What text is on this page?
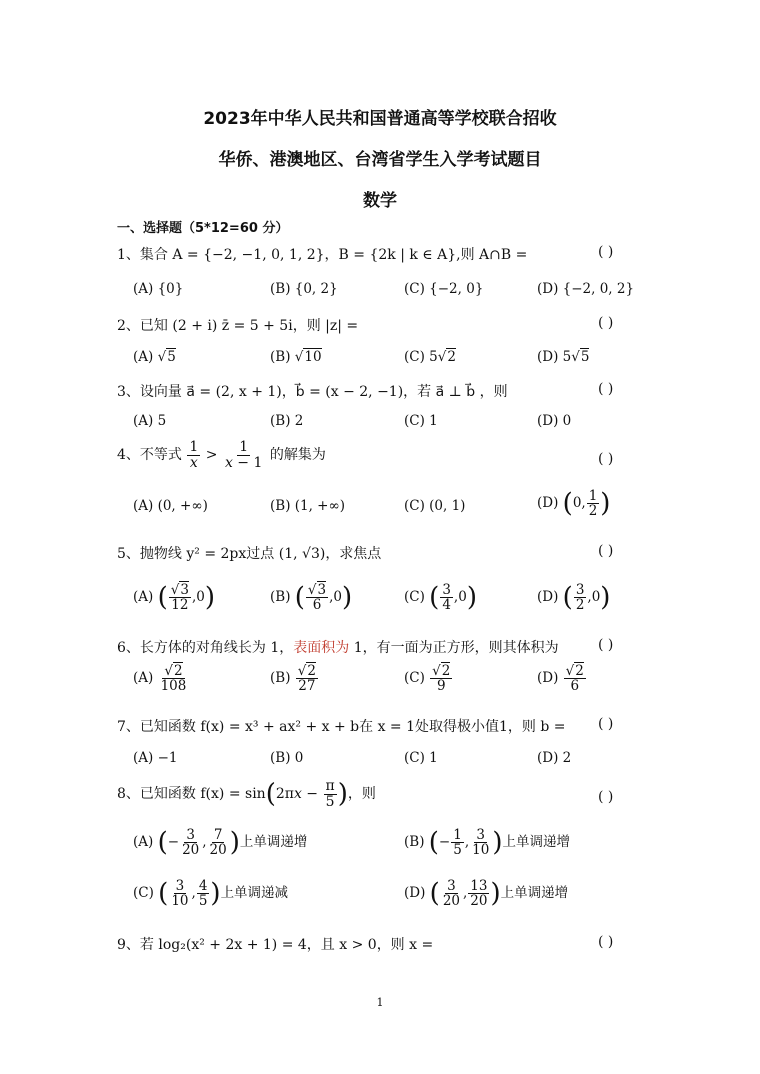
2023年中华人民共和国普通高等学校联合招收
华侨、港澳地区、台湾省学生入学考试题目
数学
一、选择题（5*12=60 分）
1、集合 A = {−2, −1, 0, 1, 2}，B = {2k | k ∈ A},则 A∩B =	( )
(A) {0}	(B) {0, 2}	(C) {−2, 0}	(D) {−2, 0, 2}
2、已知 (2 + i) z̄ = 5 + 5i，则 |z| =	( )
(A) √5	(B) √10	(C) 5√2	(D) 5√5
3、设向量 a⃗ = (2, x + 1)，b⃗ = (x − 2, −1)，若 a⃗ ⊥ b⃗ ，则	( )
(A) 5	(B) 2	(C) 1	(D) 0
4、不等式 $\frac{1}{x} > \frac{1}{x - 1}$ 的解集为	( )
(A) (0, +∞)	(B) (1, +∞)	(C) (0, 1)	(D) (0, $\frac{1}{2}$ )
5、抛物线 y² = 2px过点 (1, √3)，求焦点	( )
(A) ( $\frac{√3}{12} ,0$)	(B) ( $\frac{√3}{6} ,0$)	(C) ( $\frac{3}{4} ,0$)	(D) ( $\frac{3}{2} ,0$)
6、长方体的对角线长为 1，表面积为 1，有一面为正方形，则其体积为	( )
$(A) \frac{√2}{108}$	$(B) \frac{√2}{27}$	$(C) \frac{√2}{9}$	$(D) \frac{√2}{6}$
7、已知函数 f(x) = x³ + ax² + x + b在 x = 1处取得极小值1，则 b = ( )
(A) −1	(B) 0	(C) 1	(D) 2
8、已知函数 $f(x) = \sin(2\pi x - \frac{\pi}{5}$ )，则	( )
(A) (− $\frac{3}{20}$ , $\frac{7}{20}$ )上单调递增	(B) (− $\frac{1}{5}$ , $\frac{3}{10}$ )上单调递增
(C) ( $\frac{3}{10}$ , $\frac{4}{5}$ )上单调递减	(D) ( $\frac{3}{20}$ , $\frac{13}{20}$ )上单调递增
9、若 log₂(x² + 2x + 1) = 4，且 x > 0，则 x =	( )
1
